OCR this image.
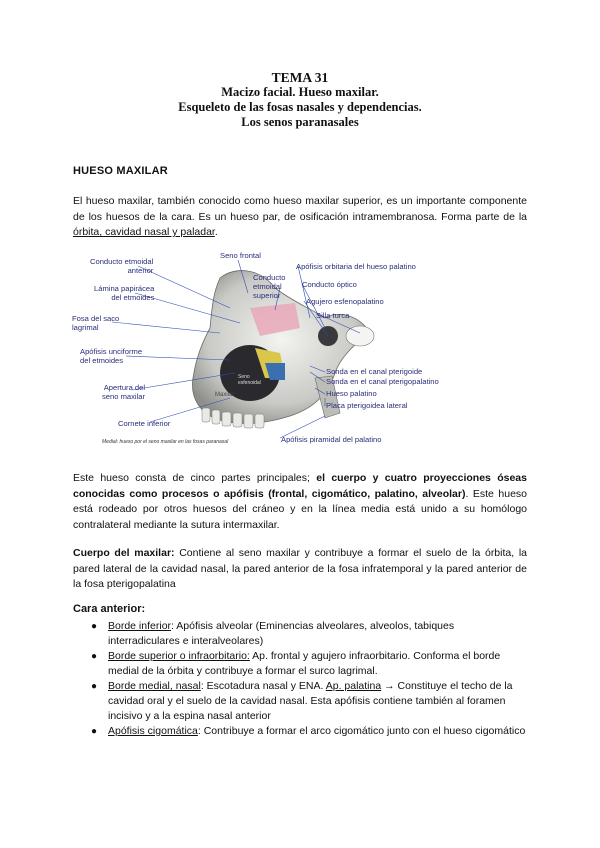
TEMA 31
Macizo facial. Hueso maxilar.
Esqueleto de las fosas nasales y dependencias.
Los senos paranasales
HUESO MAXILAR
El hueso maxilar, también conocido como hueso maxilar superior, es un importante componente de los huesos de la cara. Es un hueso par, de osificación intramembranosa. Forma parte de la órbita, cavidad nasal y paladar.
Conducto etmoidal
anterior
Lámina papirácea
del etmoides
Fosa del saco
lagrimal
Apófisis unciforme
del etmoides
Apertura del
seno maxilar
Cornete inferior
Seno frontal
Conducto
etmoidal
superior
Apófisis orbitaria del hueso palatino
Conducto óptico
Agujero esfenopalatino
Silla turca
Sonda en el canal pterigoide
Sonda en el canal pterigopalatino
Hueso palatino
Placa pterigoidea lateral
Apófisis piramidal del palatino
Seno
esfenoidal
Maxilar
Medial: hueso por el seno maxilar en las fosas paranasal
Este hueso consta de cinco partes principales; el cuerpo y cuatro proyecciones óseas conocidas como procesos o apófisis (frontal, cigomático, palatino, alveolar). Este hueso está rodeado por otros huesos del cráneo y en la línea media está unido a su homólogo contralateral mediante la sutura intermaxilar.
Cuerpo del maxilar: Contiene al seno maxilar y contribuye a formar el suelo de la órbita, la pared lateral de la cavidad nasal, la pared anterior de la fosa infratemporal y la pared anterior de la fosa pterigopalatina
Cara anterior:
● Borde inferior: Apófisis alveolar (Eminencias alveolares, alveolos, tabiques interradiculares e interalveolares)
● Borde superior o infraorbitario: Ap. frontal y agujero infraorbitario. Conforma el borde medial de la órbita y contribuye a formar el surco lagrimal.
● Borde medial, nasal: Escotadura nasal y ENA. Ap. palatina → Constituye el techo de la cavidad oral y el suelo de la cavidad nasal. Esta apófisis contiene también al foramen incisivo y a la espina nasal anterior
● Apófisis cigomática: Contribuye a formar el arco cigomático junto con el hueso cigomático
